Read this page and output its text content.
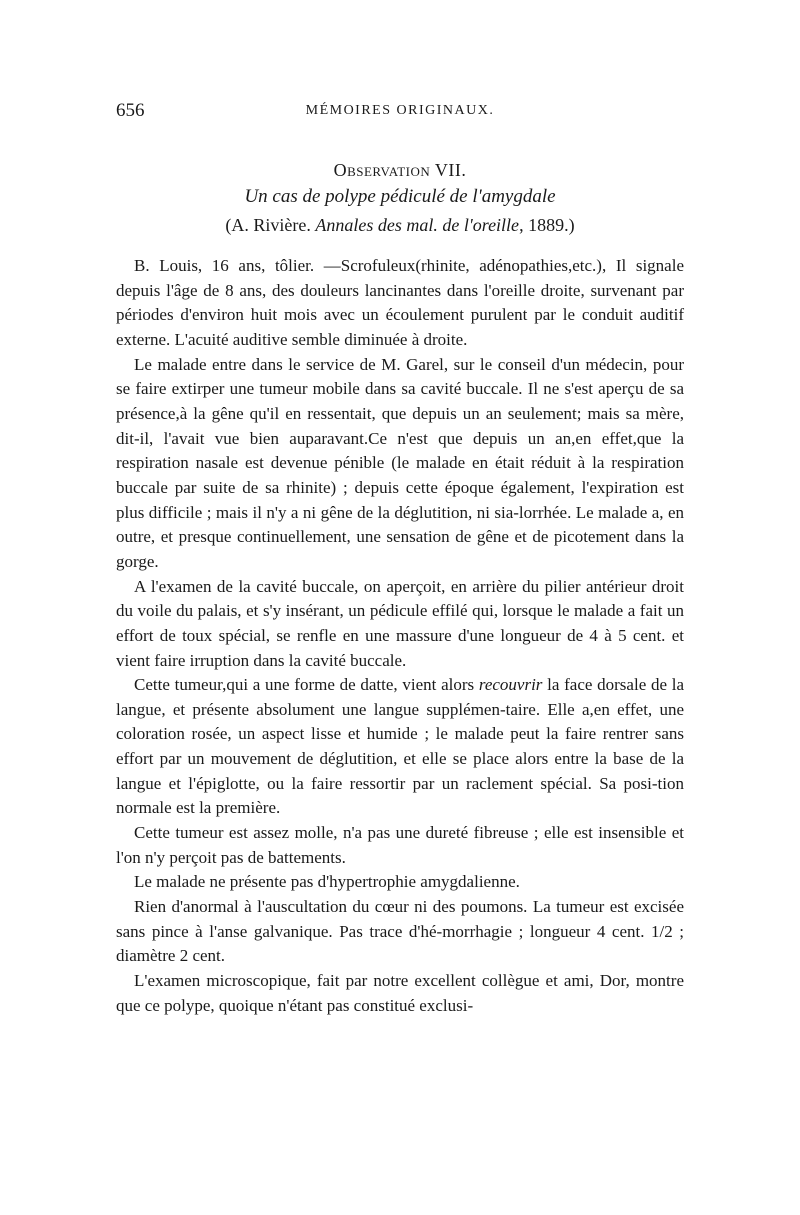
656	MÉMOIRES ORIGINAUX.
Observation VII.
Un cas de polype pédiculé de l'amygdale
(A. Rivière. Annales des mal. de l'oreille, 1889.)

B. Louis, 16 ans, tôlier. —Scrofuleux(rhinite, adénopathies,etc.), Il signale depuis l'âge de 8 ans, des douleurs lancinantes dans l'oreille droite, survenant par périodes d'environ huit mois avec un écoulement purulent par le conduit auditif externe. L'acuité auditive semble diminuée à droite.

Le malade entre dans le service de M. Garel, sur le conseil d'un médecin, pour se faire extirper une tumeur mobile dans sa cavité buccale. Il ne s'est aperçu de sa présence,à la gêne qu'il en ressentait, que depuis un an seulement; mais sa mère, dit-il, l'avait vue bien auparavant.Ce n'est que depuis un an,en effet,que la respiration nasale est devenue pénible (le malade en était réduit à la respiration buccale par suite de sa rhinite) ; depuis cette époque également, l'expiration est plus difficile ; mais il n'y a ni gêne de la déglutition, ni sia-lorrhée. Le malade a, en outre, et presque continuellement, une sensation de gêne et de picotement dans la gorge.

A l'examen de la cavité buccale, on aperçoit, en arrière du pilier antérieur droit du voile du palais, et s'y insérant, un pédicule effilé qui, lorsque le malade a fait un effort de toux spécial, se renfle en une massure d'une longueur de 4 à 5 cent. et vient faire irruption dans la cavité buccale.

Cette tumeur,qui a une forme de datte, vient alors recouvrir la face dorsale de la langue, et présente absolument une langue supplémen-taire. Elle a,en effet, une coloration rosée, un aspect lisse et humide ; le malade peut la faire rentrer sans effort par un mouvement de déglutition, et elle se place alors entre la base de la langue et l'épiglotte, ou la faire ressortir par un raclement spécial. Sa posi-tion normale est la première.

Cette tumeur est assez molle, n'a pas une dureté fibreuse ; elle est insensible et l'on n'y perçoit pas de battements.

Le malade ne présente pas d'hypertrophie amygdalienne.

Rien d'anormal à l'auscultation du cœur ni des poumons. La tumeur est excisée sans pince à l'anse galvanique. Pas trace d'hé-morrhagie ; longueur 4 cent. 1/2 ; diamètre 2 cent.

L'examen microscopique, fait par notre excellent collègue et ami, Dor, montre que ce polype, quoique n'étant pas constitué exclusi-
